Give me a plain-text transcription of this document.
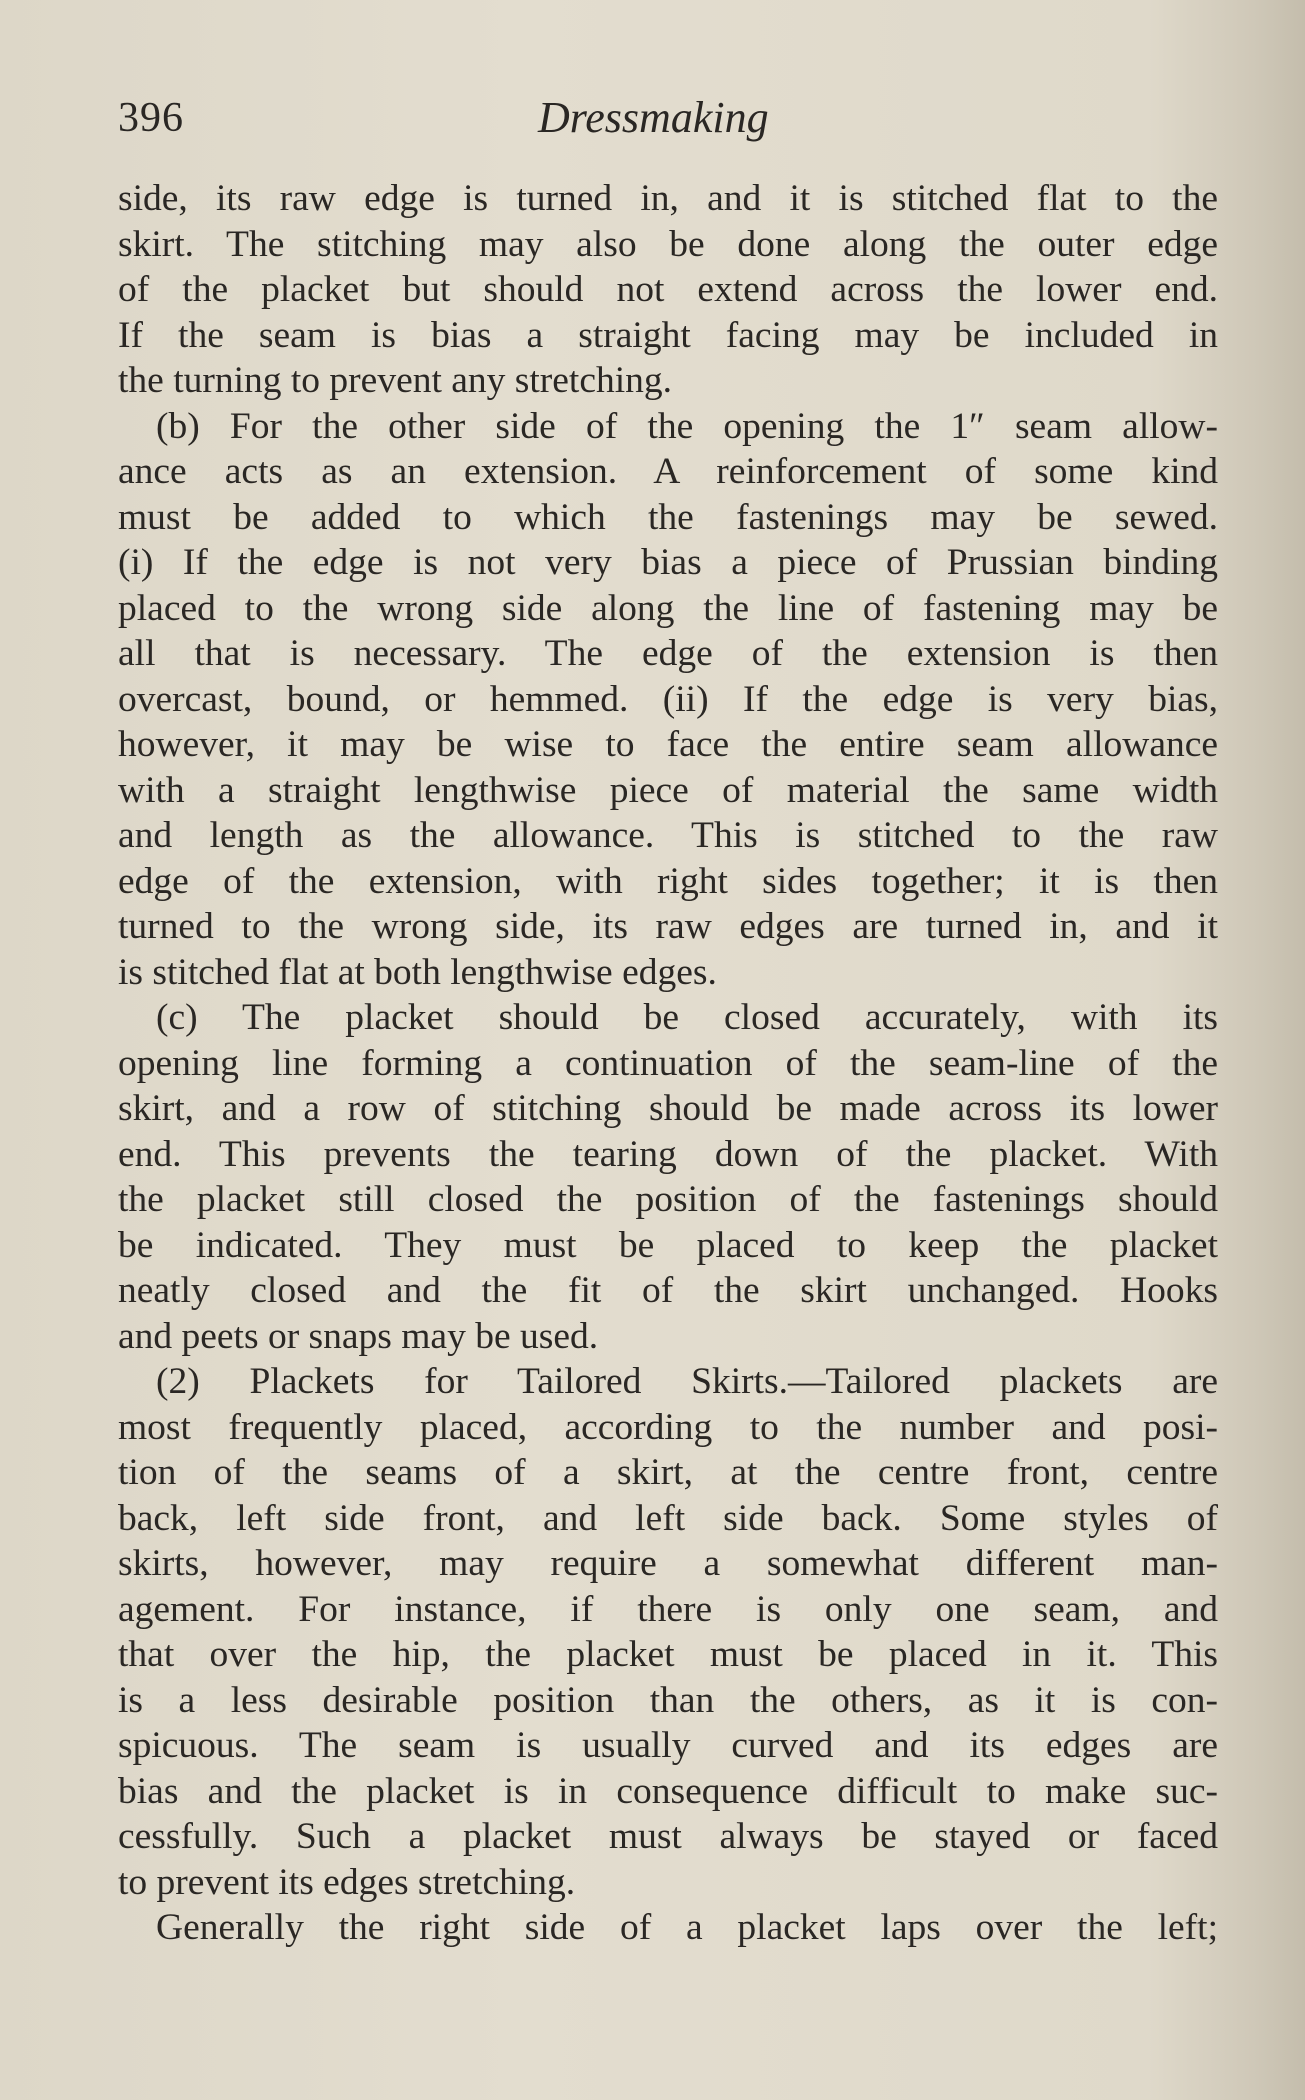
396	Dressmaking
side, its raw edge is turned in, and it is stitched flat to the
skirt. The stitching may also be done along the outer edge
of the placket but should not extend across the lower end.
If the seam is bias a straight facing may be included in
the turning to prevent any stretching.
(b) For the other side of the opening the 1″ seam allow-
ance acts as an extension. A reinforcement of some kind
must be added to which the fastenings may be sewed.
(i) If the edge is not very bias a piece of Prussian binding
placed to the wrong side along the line of fastening may be
all that is necessary. The edge of the extension is then
overcast, bound, or hemmed. (ii) If the edge is very bias,
however, it may be wise to face the entire seam allowance
with a straight lengthwise piece of material the same width
and length as the allowance. This is stitched to the raw
edge of the extension, with right sides together; it is then
turned to the wrong side, its raw edges are turned in, and it
is stitched flat at both lengthwise edges.
(c) The placket should be closed accurately, with its
opening line forming a continuation of the seam-line of the
skirt, and a row of stitching should be made across its lower
end. This prevents the tearing down of the placket. With
the placket still closed the position of the fastenings should
be indicated. They must be placed to keep the placket
neatly closed and the fit of the skirt unchanged. Hooks
and peets or snaps may be used.
(2) Plackets for Tailored Skirts.—Tailored plackets are
most frequently placed, according to the number and posi-
tion of the seams of a skirt, at the centre front, centre
back, left side front, and left side back. Some styles of
skirts, however, may require a somewhat different man-
agement. For instance, if there is only one seam, and
that over the hip, the placket must be placed in it. This
is a less desirable position than the others, as it is con-
spicuous. The seam is usually curved and its edges are
bias and the placket is in consequence difficult to make suc-
cessfully. Such a placket must always be stayed or faced
to prevent its edges stretching.
Generally the right side of a placket laps over the left;
